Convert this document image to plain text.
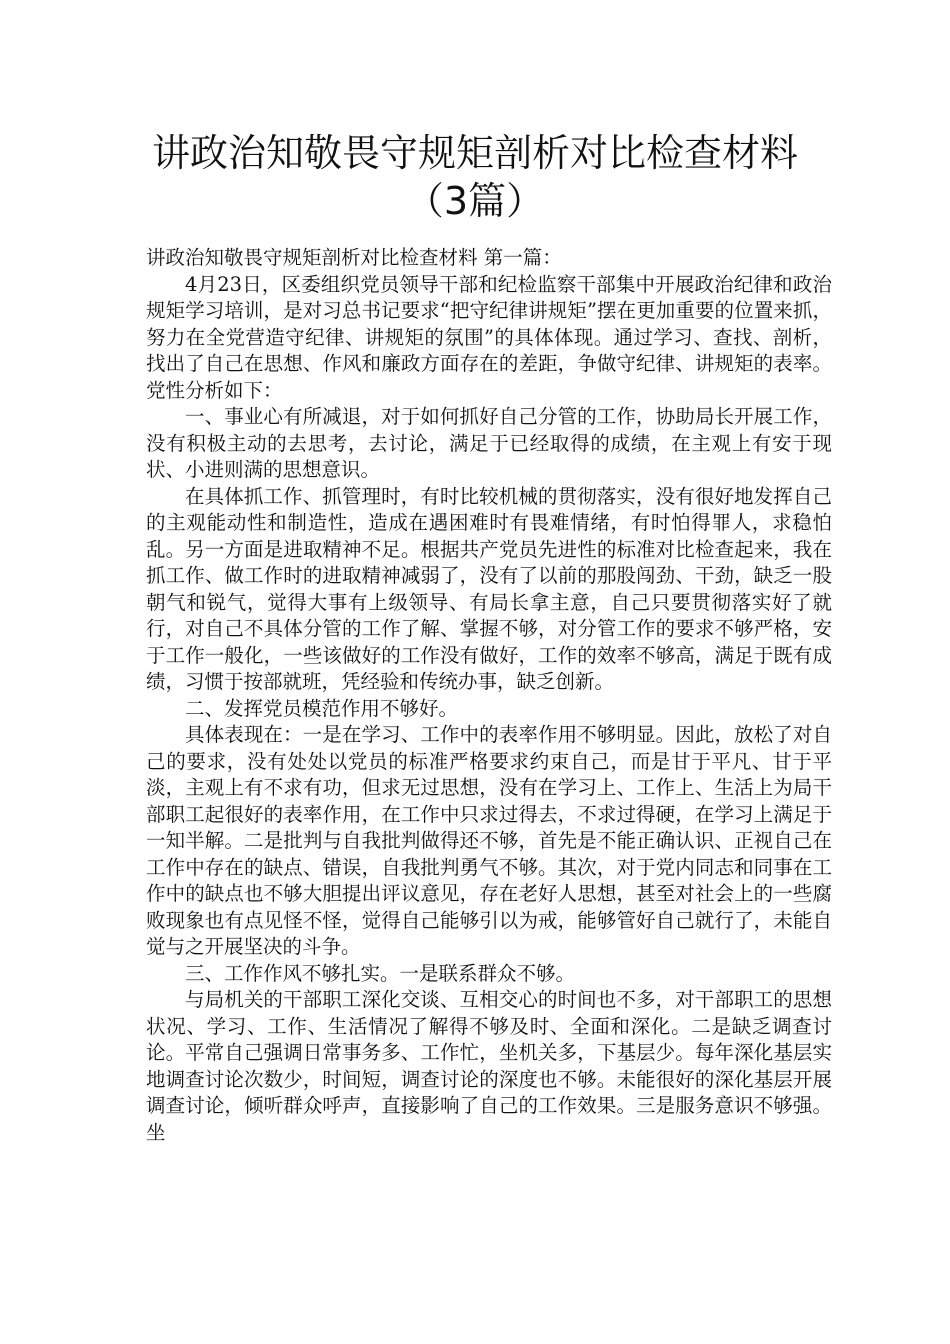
讲政治知敬畏守规矩剖析对比检查材料
（3篇）

讲政治知敬畏守规矩剖析对比检查材料 第一篇：

4月23日，区委组织党员领导干部和纪检监察干部集中开展政治纪律和政治规矩学习培训，是对习总书记要求“把守纪律讲规矩”摆在更加重要的位置来抓，努力在全党营造守纪律、讲规矩的氛围”的具体体现。通过学习、查找、剖析，找出了自己在思想、作风和廉政方面存在的差距，争做守纪律、讲规矩的表率。党性分析如下：

一、事业心有所减退，对于如何抓好自己分管的工作，协助局长开展工作，没有积极主动的去思考，去讨论，满足于已经取得的成绩，在主观上有安于现状、小进则满的思想意识。

在具体抓工作、抓管理时，有时比较机械的贯彻落实，没有很好地发挥自己的主观能动性和制造性，造成在遇困难时有畏难情绪，有时怕得罪人，求稳怕乱。另一方面是进取精神不足。根据共产党员先进性的标准对比检查起来，我在抓工作、做工作时的进取精神减弱了，没有了以前的那股闯劲、干劲，缺乏一股朝气和锐气，觉得大事有上级领导、有局长拿主意，自己只要贯彻落实好了就行，对自己不具体分管的工作了解、掌握不够，对分管工作的要求不够严格，安于工作一般化，一些该做好的工作没有做好，工作的效率不够高，满足于既有成绩，习惯于按部就班，凭经验和传统办事，缺乏创新。

二、发挥党员模范作用不够好。

具体表现在：一是在学习、工作中的表率作用不够明显。因此，放松了对自己的要求，没有处处以党员的标准严格要求约束自己，而是甘于平凡、甘于平淡，主观上有不求有功，但求无过思想，没有在学习上、工作上、生活上为局干部职工起很好的表率作用，在工作中只求过得去，不求过得硬，在学习上满足于一知半解。二是批判与自我批判做得还不够，首先是不能正确认识、正视自己在工作中存在的缺点、错误，自我批判勇气不够。其次，对于党内同志和同事在工作中的缺点也不够大胆提出评议意见，存在老好人思想，甚至对社会上的一些腐败现象也有点见怪不怪，觉得自己能够引以为戒，能够管好自己就行了，未能自觉与之开展坚决的斗争。

三、工作作风不够扎实。一是联系群众不够。

与局机关的干部职工深化交谈、互相交心的时间也不多，对干部职工的思想状况、学习、工作、生活情况了解得不够及时、全面和深化。二是缺乏调查讨论。平常自己强调日常事务多、工作忙，坐机关多，下基层少。每年深化基层实地调查讨论次数少，时间短，调查讨论的深度也不够。未能很好的深化基层开展调查讨论，倾听群众呼声，直接影响了自己的工作效果。三是服务意识不够强。坐
